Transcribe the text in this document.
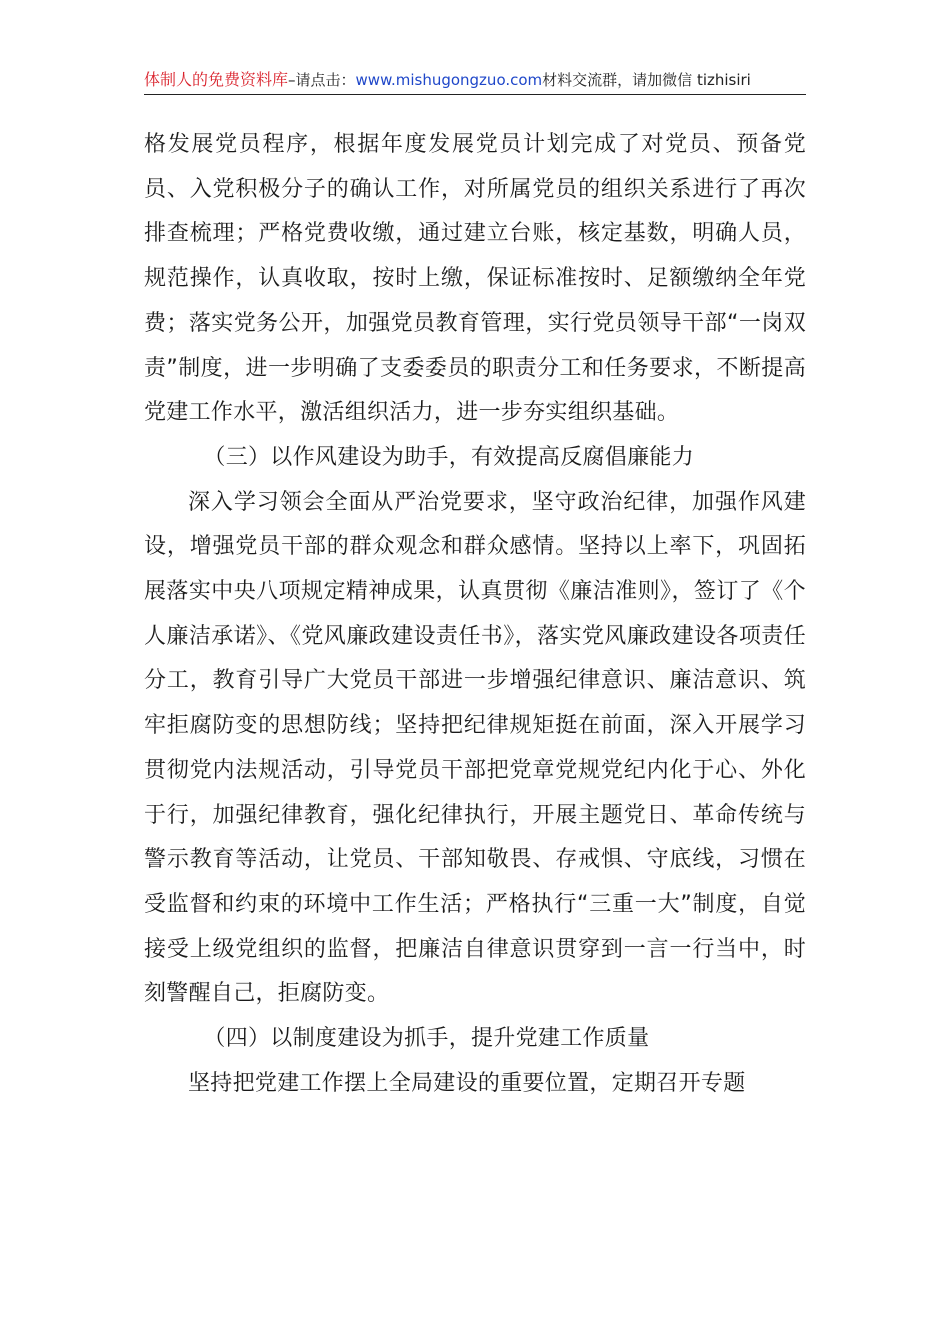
体制人的免费资料库–请点击：www.mishugongzuo.com材料交流群，请加微信 tizhisiri

格发展党员程序，根据年度发展党员计划完成了对党员、预备党员、入党积极分子的确认工作，对所属党员的组织关系进行了再次排查梳理；严格党费收缴，通过建立台账，核定基数，明确人员，规范操作，认真收取，按时上缴，保证标准按时、足额缴纳全年党费；落实党务公开，加强党员教育管理，实行党员领导干部“一岗双责”制度，进一步明确了支委委员的职责分工和任务要求，不断提高党建工作水平，激活组织活力，进一步夯实组织基础。

（三）以作风建设为助手，有效提高反腐倡廉能力

深入学习领会全面从严治党要求，坚守政治纪律，加强作风建设，增强党员干部的群众观念和群众感情。坚持以上率下，巩固拓展落实中央八项规定精神成果，认真贯彻《廉洁准则》，签订了《个人廉洁承诺》、《党风廉政建设责任书》，落实党风廉政建设各项责任分工，教育引导广大党员干部进一步增强纪律意识、廉洁意识、筑牢拒腐防变的思想防线；坚持把纪律规矩挺在前面，深入开展学习贯彻党内法规活动，引导党员干部把党章党规党纪内化于心、外化于行，加强纪律教育，强化纪律执行，开展主题党日、革命传统与警示教育等活动，让党员、干部知敬畏、存戒惧、守底线，习惯在受监督和约束的环境中工作生活；严格执行“三重一大”制度，自觉接受上级党组织的监督，把廉洁自律意识贯穿到一言一行当中，时刻警醒自己，拒腐防变。

（四）以制度建设为抓手，提升党建工作质量

坚持把党建工作摆上全局建设的重要位置，定期召开专题
